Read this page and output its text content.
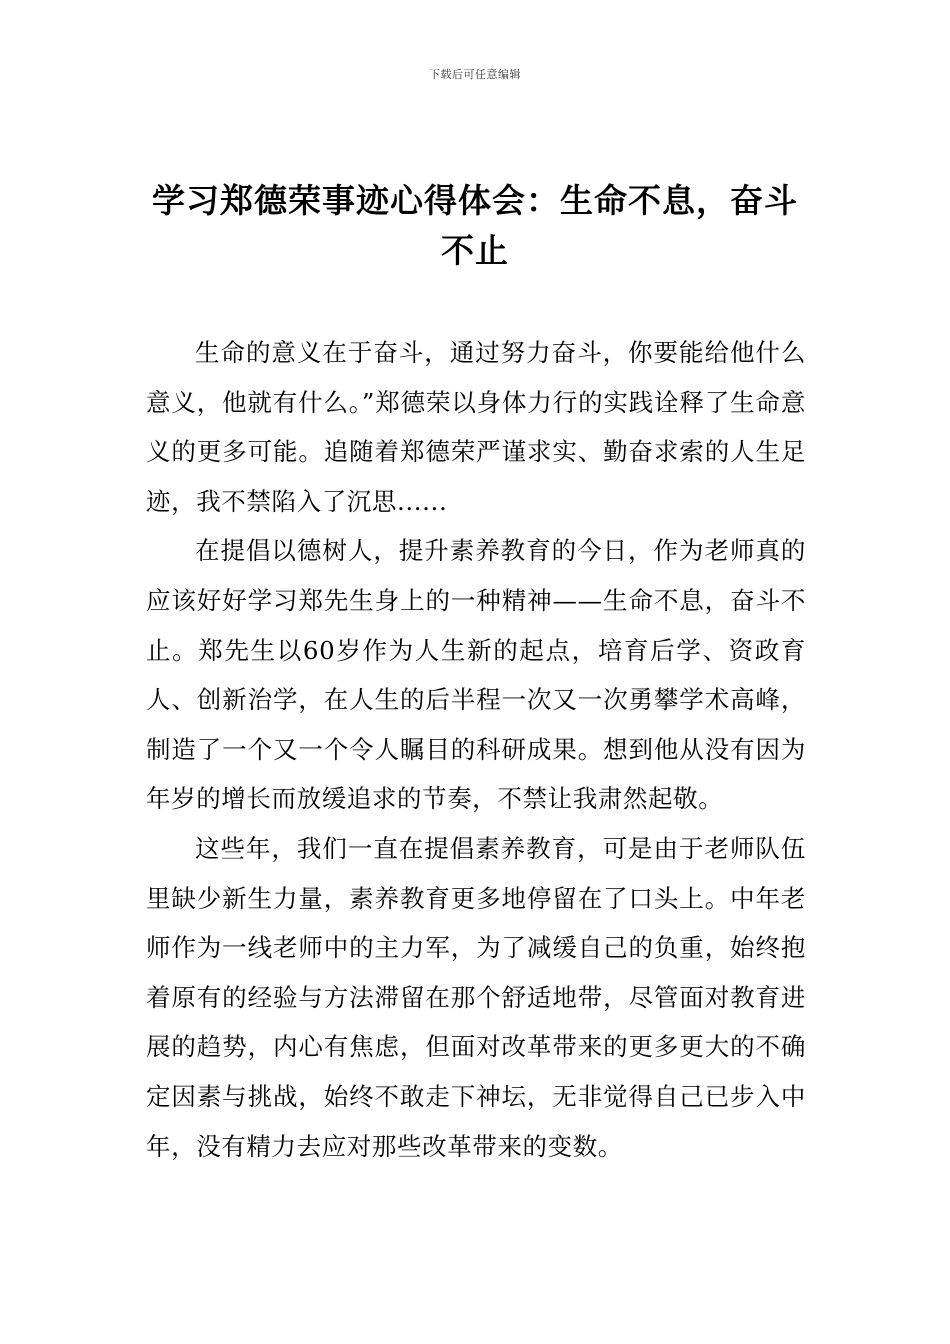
下载后可任意编辑
学习郑德荣事迹心得体会：生命不息，奋斗不止

生命的意义在于奋斗，通过努力奋斗，你要能给他什么意义，他就有什么。”郑德荣以身体力行的实践诠释了生命意义的更多可能。追随着郑德荣严谨求实、勤奋求索的人生足迹，我不禁陷入了沉思......

在提倡以德树人，提升素养教育的今日，作为老师真的应该好好学习郑先生身上的一种精神——生命不息，奋斗不止。郑先生以60岁作为人生新的起点，培育后学、资政育人、创新治学，在人生的后半程一次又一次勇攀学术高峰，制造了一个又一个令人瞩目的科研成果。想到他从没有因为年岁的增长而放缓追求的节奏，不禁让我肃然起敬。

这些年，我们一直在提倡素养教育，可是由于老师队伍里缺少新生力量，素养教育更多地停留在了口头上。中年老师作为一线老师中的主力军，为了减缓自己的负重，始终抱着原有的经验与方法滞留在那个舒适地带，尽管面对教育进展的趋势，内心有焦虑，但面对改革带来的更多更大的不确定因素与挑战，始终不敢走下神坛，无非觉得自己已步入中年，没有精力去应对那些改革带来的变数。
